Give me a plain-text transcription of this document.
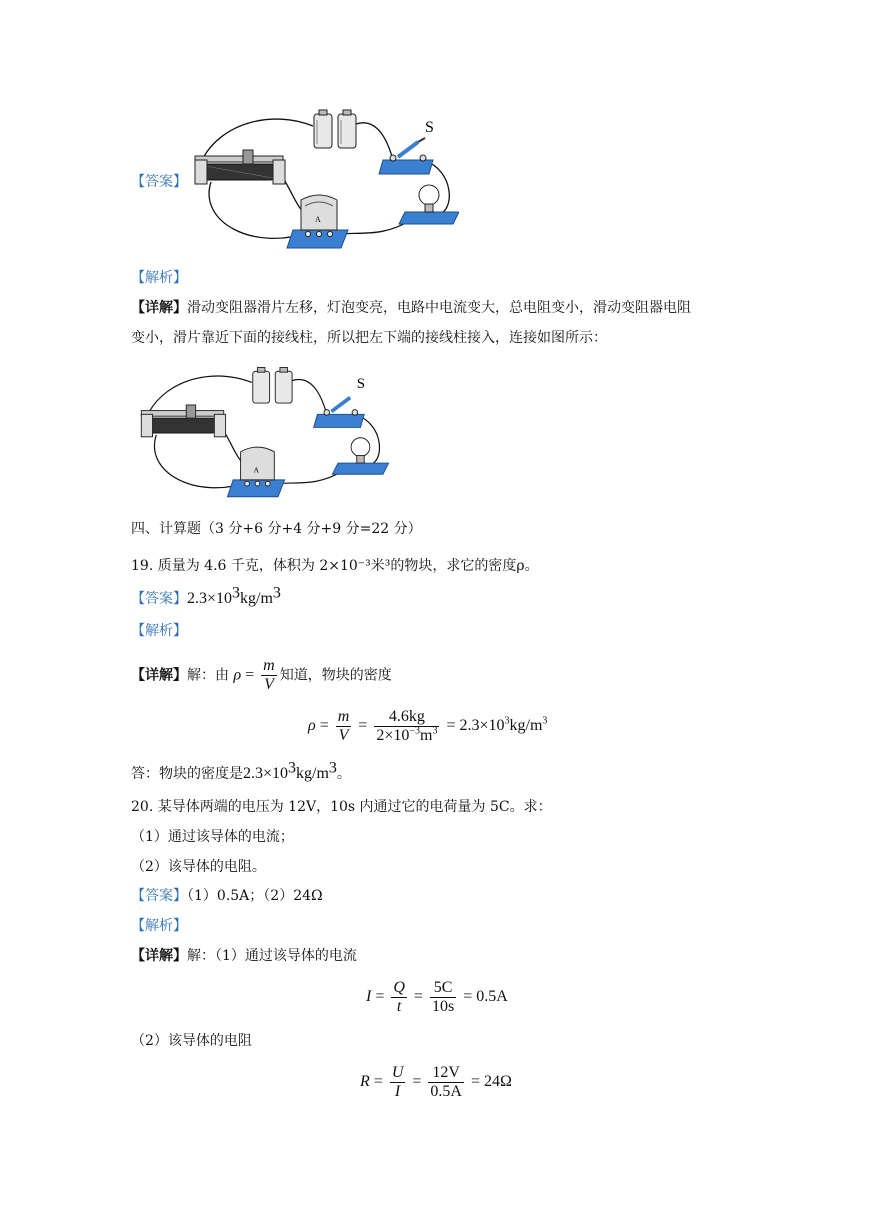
【答案】
S
A
【解析】
【详解】滑动变阻器滑片左移，灯泡变亮，电路中电流变大，总电阻变小，滑动变阻器电阻
变小，滑片靠近下面的接线柱，所以把左下端的接线柱接入，连接如图所示：
S
A
四、计算题（3 分+6 分+4 分+9 分=22 分）
19. 质量为 4.6 千克，体积为 2×10⁻³米³的物块，求它的密度ρ。
【答案】$2.3\times 10^3kg/m^3$
【解析】
【详解】解：由 $\rho = \frac{m}{V}$ 知道，物块的密度
$\rho = \frac{m}{V} = \frac{4.6kg}{2\times 10^{-3}m^3} = 2.3\times 10^3kg/m^3$
答：物块的密度是$2.3\times 10^3kg/m^3$。
20. 某导体两端的电压为 12V，10s 内通过它的电荷量为 5C。求：
（1）通过该导体的电流；
（2）该导体的电阻。
【答案】（1）0.5A；（2）24Ω
【解析】
【详解】解：（1）通过该导体的电流
$I = \frac{Q}{t} = \frac{5C}{10s} = 0.5A$
（2）该导体的电阻
$R = \frac{U}{I} = \frac{12V}{0.5A} = 24\Omega$
